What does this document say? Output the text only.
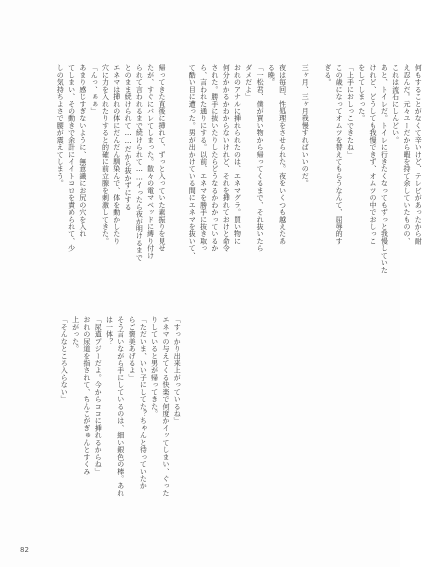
何もすることがなくて辛いけど、テレビがあったから耐
え忍んだ。元々ユーだから暇を持て余していたものの、
これは流石にしんどい。
あと、トイレだ。トイレに行きたくなってもずっと我慢していた
けれど、どうしても我慢できず、オムツの中でおしっこ
をしてしまった。
「上手におしっこできたね」
この歳になってオムツを替えてもらうなんて、屈辱的す
ぎる。

三ヶ月、三ヶ月我慢すればいいのだ。

夜は毎回、性処理をさせられた。夜をいくつも越えたあ
る晩。
「一松君、僕が買い物から帰ってくるまで、それ抜いたら
ダメだよ」
おれのアナルに挿れられたのは、エネマグラ。買い物に
何分かかるかわからないけれど、それを挿れておけと命令
された。勝手に抜いたりしたらどうなるかわかっているか
ら、言われた通りにする。以前、エネマを勝手に抜き取っ
て酷い目に遭った。男が出かけている間にエネマを抜いて、
帰ってきた直後に挿れて、ずっと入っていた素振りを見せ
たが、すぐにバレてしまった。散々の電マベッドに縛り付け
られて言われるまで続けられて……イったら夜が明けるまで
とのまま続けられて……だから抜かずにする
エネマは挿れの体にだんだん馴染んで、体を動かしたり
穴に力を入れたりすると的確に前立腺を刺激してきた。
「んっ、ぁぁ」
あまり感じすぎないように、無意識にお尻の穴を入れ
てしまい、その動きで余計にイイトコロを責められて、少
しの気持ちよさで腰が震えてしまう。
「すっかり出来上がっているね」
エネマの与えてくる快楽で何度かイッてしまい、ぐった
りしていると男が帰ってきた。
「ただいま、いい子にしてた？ちゃんと待っていたか
らご褒美あげるよ」
そう言いながら手にしているのは、細い銀色の棒。あれ
は一体？
「尿道プジーだよ。今からココに挿れるからね」
おれの尿道を指されて、ちんこがぎゅんとすくみ
上がった。
「そんなところ入らない」
82
